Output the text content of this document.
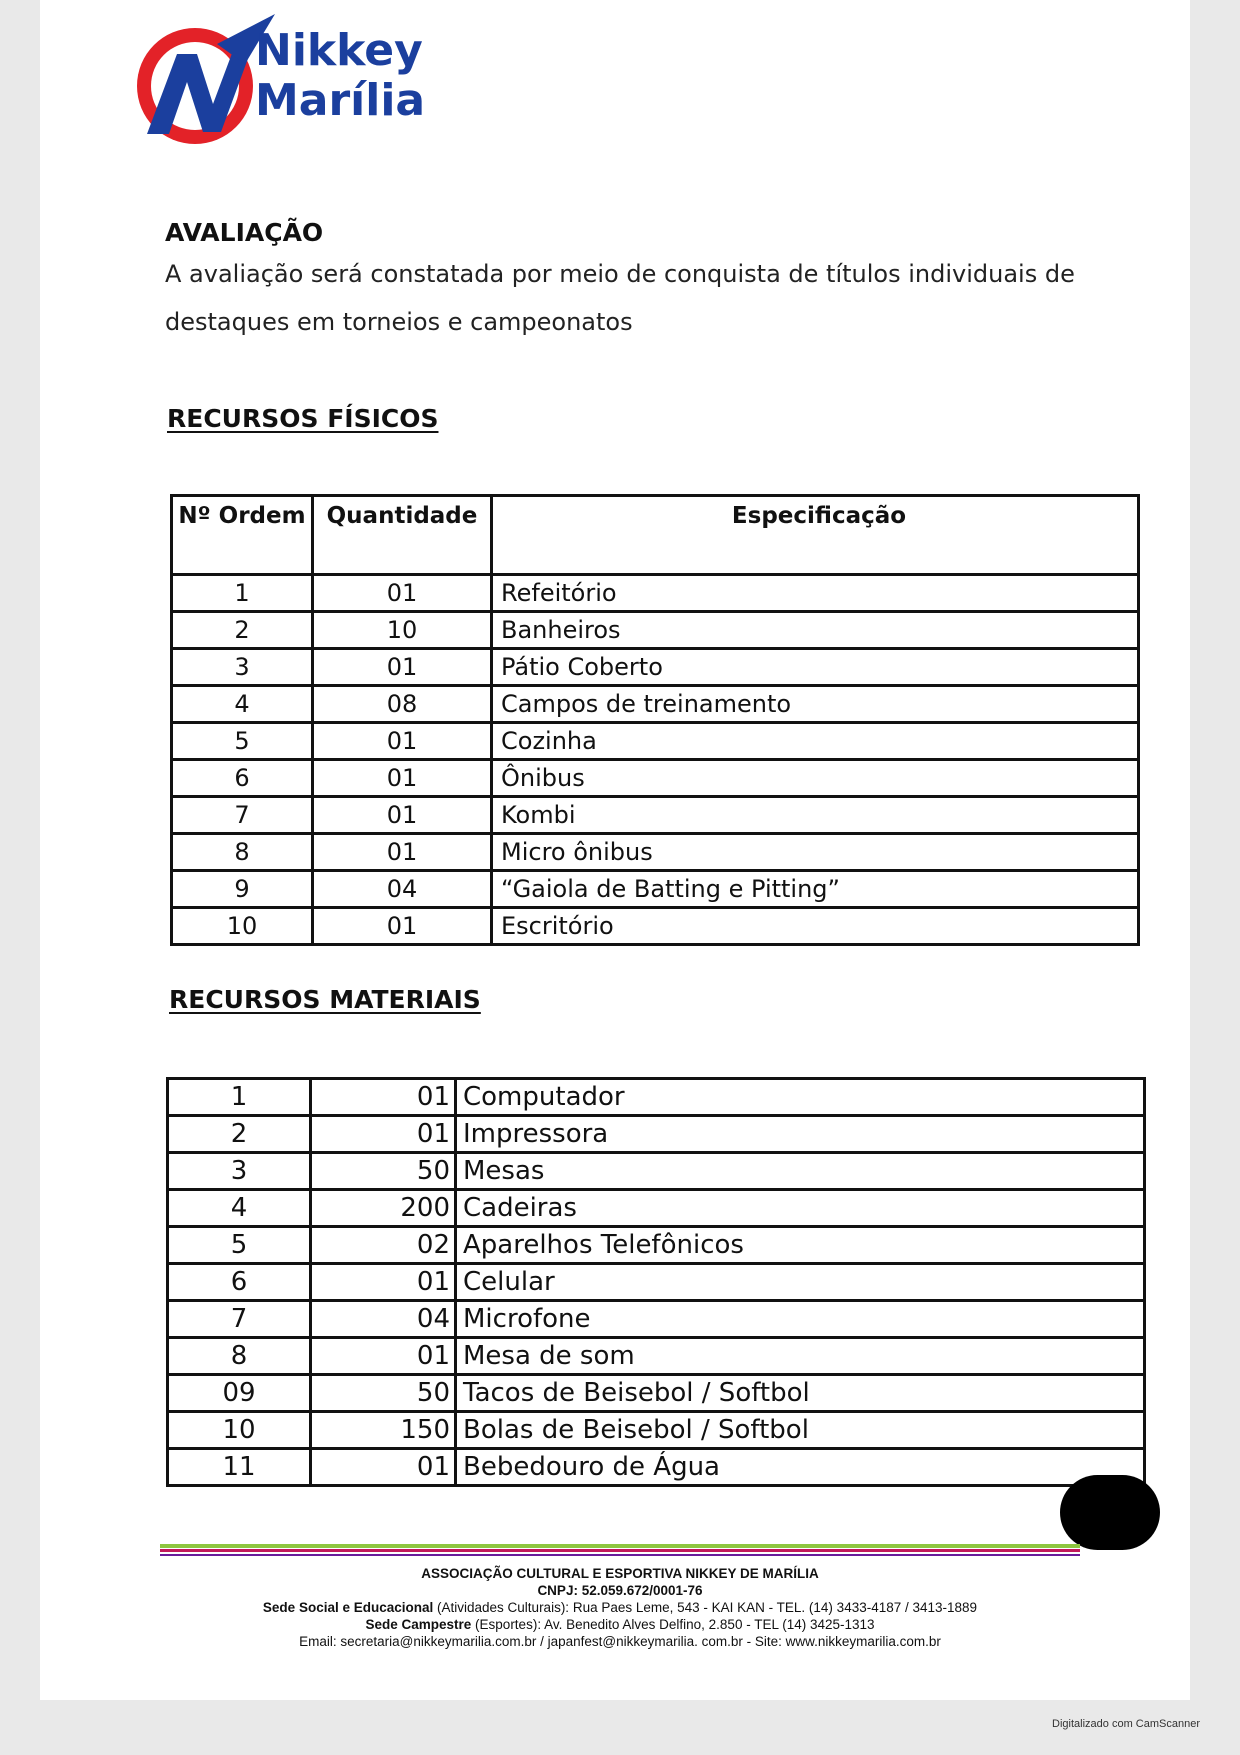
Nikkey
Marília
AVALIAÇÃO
A avaliação será constatada por meio de conquista de títulos individuais de destaques em torneios e campeonatos
RECURSOS FÍSICOS
Nº Ordem	Quantidade	Especificação
1	01	Refeitório
2	10	Banheiros
3	01	Pátio Coberto
4	08	Campos de treinamento
5	01	Cozinha
6	01	Ônibus
7	01	Kombi
8	01	Micro ônibus
9	04	“Gaiola de Batting e Pitting”
10	01	Escritório
RECURSOS MATERIAIS
1	01	Computador
2	01	Impressora
3	50	Mesas
4	200	Cadeiras
5	02	Aparelhos Telefônicos
6	01	Celular
7	04	Microfone
8	01	Mesa de som
09	50	Tacos de Beisebol / Softbol
10	150	Bolas de Beisebol / Softbol
11	01	Bebedouro de Água
ASSOCIAÇÃO CULTURAL E ESPORTIVA NIKKEY DE MARÍLIA
CNPJ: 52.059.672/0001-76
Sede Social e Educacional (Atividades Culturais): Rua Paes Leme, 543 - KAI KAN - TEL. (14) 3433-4187 / 3413-1889
Sede Campestre (Esportes): Av. Benedito Alves Delfino, 2.850 - TEL (14) 3425-1313
Email: secretaria@nikkeymarilia.com.br / japanfest@nikkeymarilia. com.br - Site: www.nikkeymarilia.com.br
Digitalizado com CamScanner
